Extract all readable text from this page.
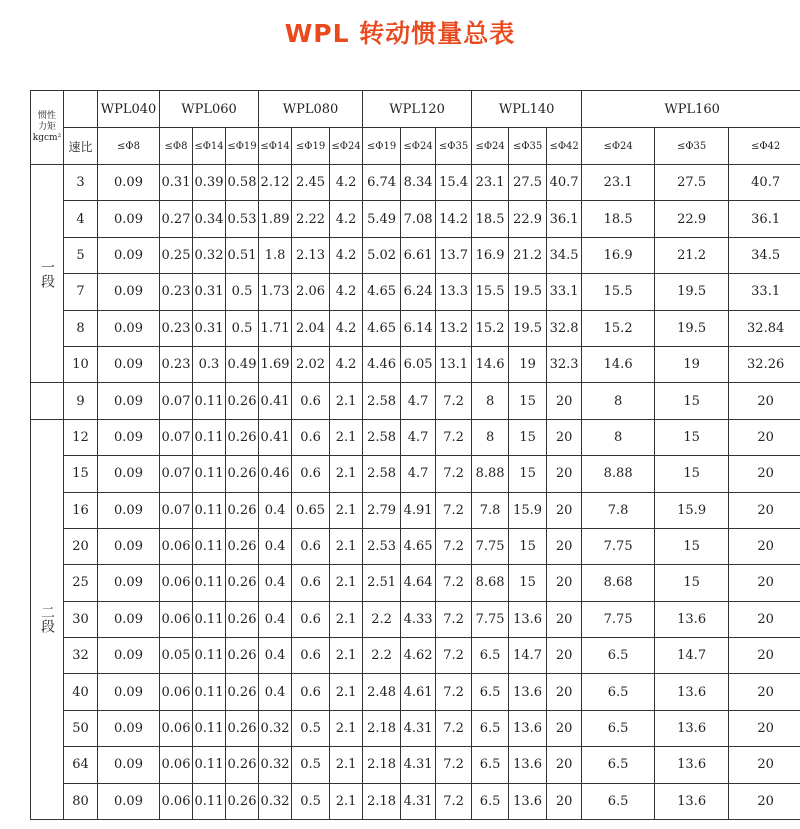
WPL 转动惯量总表
惯性
力矩
kgcm²		WPL040	WPL060			WPL080			WPL120			WPL140			WPL160		
	速比	≤Φ8	≤Φ8	≤Φ14	≤Φ19	≤Φ14	≤Φ19	≤Φ24	≤Φ19	≤Φ24	≤Φ35	≤Φ24	≤Φ35	≤Φ42	≤Φ24	≤Φ35	≤Φ42
一段	3	0.09	0.31	0.39	0.58	2.12	2.45	4.2	6.74	8.34	15.4	23.1	27.5	40.7	23.1	27.5	40.7
	4	0.09	0.27	0.34	0.53	1.89	2.22	4.2	5.49	7.08	14.2	18.5	22.9	36.1	18.5	22.9	36.1
	5	0.09	0.25	0.32	0.51	1.8	2.13	4.2	5.02	6.61	13.7	16.9	21.2	34.5	16.9	21.2	34.5
	7	0.09	0.23	0.31	0.5	1.73	2.06	4.2	4.65	6.24	13.3	15.5	19.5	33.1	15.5	19.5	33.1
	8	0.09	0.23	0.31	0.5	1.71	2.04	4.2	4.65	6.14	13.2	15.2	19.5	32.8	15.2	19.5	32.84
	10	0.09	0.23	0.3	0.49	1.69	2.02	4.2	4.46	6.05	13.1	14.6	19	32.3	14.6	19	32.26
	9	0.09	0.07	0.11	0.26	0.41	0.6	2.1	2.58	4.7	7.2	8	15	20	8	15	20
二段	12	0.09	0.07	0.11	0.26	0.41	0.6	2.1	2.58	4.7	7.2	8	15	20	8	15	20
	15	0.09	0.07	0.11	0.26	0.46	0.6	2.1	2.58	4.7	7.2	8.88	15	20	8.88	15	20
	16	0.09	0.07	0.11	0.26	0.4	0.65	2.1	2.79	4.91	7.2	7.8	15.9	20	7.8	15.9	20
	20	0.09	0.06	0.11	0.26	0.4	0.6	2.1	2.53	4.65	7.2	7.75	15	20	7.75	15	20
	25	0.09	0.06	0.11	0.26	0.4	0.6	2.1	2.51	4.64	7.2	8.68	15	20	8.68	15	20
	30	0.09	0.06	0.11	0.26	0.4	0.6	2.1	2.2	4.33	7.2	7.75	13.6	20	7.75	13.6	20
	32	0.09	0.05	0.11	0.26	0.4	0.6	2.1	2.2	4.62	7.2	6.5	14.7	20	6.5	14.7	20
	40	0.09	0.06	0.11	0.26	0.4	0.6	2.1	2.48	4.61	7.2	6.5	13.6	20	6.5	13.6	20
	50	0.09	0.06	0.11	0.26	0.32	0.5	2.1	2.18	4.31	7.2	6.5	13.6	20	6.5	13.6	20
	64	0.09	0.06	0.11	0.26	0.32	0.5	2.1	2.18	4.31	7.2	6.5	13.6	20	6.5	13.6	20
	80	0.09	0.06	0.11	0.26	0.32	0.5	2.1	2.18	4.31	7.2	6.5	13.6	20	6.5	13.6	20
